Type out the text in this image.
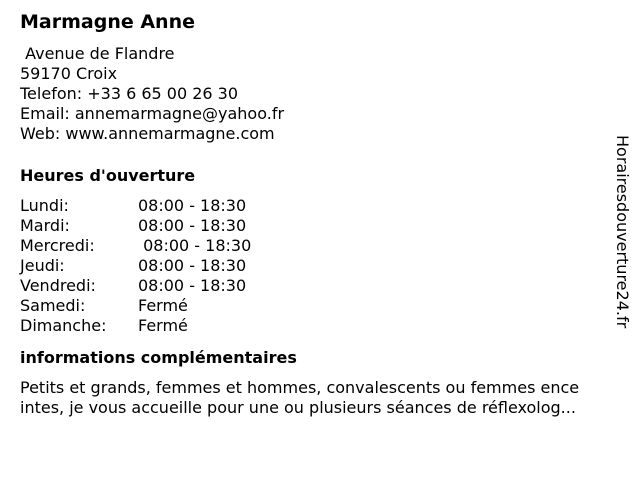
Marmagne Anne
Avenue de Flandre
59170 Croix
Telefon: +33 6 65 00 26 30
Email: annemarmagne@yahoo.fr
Web: www.annemarmagne.com
Heures d'ouverture
Lundi:	08:00 - 18:30
Mardi:	08:00 - 18:30
Mercredi:	08:00 - 18:30
Jeudi:	08:00 - 18:30
Vendredi:	08:00 - 18:30
Samedi:	Fermé
Dimanche:	Fermé
informations complémentaires
Petits et grands, femmes et hommes, convalescents ou femmes ence
intes, je vous accueille pour une ou plusieurs séances de réflexolog...
Horairesdouverture24.fr
